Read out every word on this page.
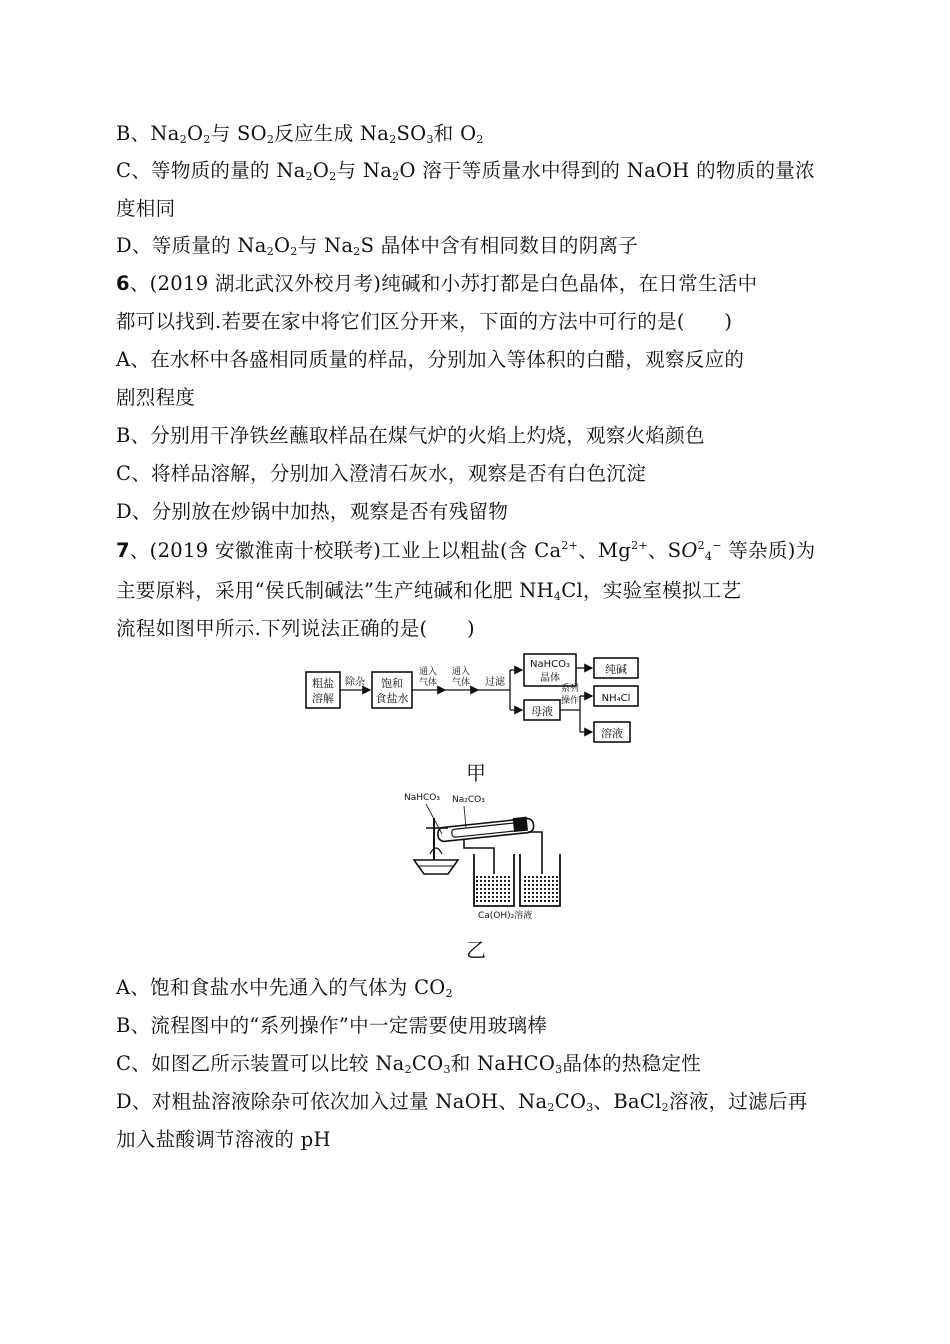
B、$Na_2O_2$与 $SO_2$反应生成 $Na_2SO_3$和 $O_2$
C、等物质的量的 $Na_2O_2$与 $Na_2O$ 溶于等质量水中得到的 NaOH 的物质的量浓
度相同
D、等质量的 $Na_2O_2$与 $Na_2S$ 晶体中含有相同数目的阴离子
6、(2019 湖北武汉外校月考)纯碱和小苏打都是白色晶体，在日常生活中
都可以找到.若要在家中将它们区分开来，下面的方法中可行的是(　　)
A、在水杯中各盛相同质量的样品，分别加入等体积的白醋，观察反应的
剧烈程度
B、分别用干净铁丝蘸取样品在煤气炉的火焰上灼烧，观察火焰颜色
C、将样品溶解，分别加入澄清石灰水，观察是否有白色沉淀
D、分别放在炒锅中加热，观察是否有残留物
7、(2019 安徽淮南十校联考)工业上以粗盐(含 $Ca^{2+}$、$Mg^{2+}$、$SO^2_4^-$ 等杂质)为
主要原料，采用“侯氏制碱法”生产纯碱和化肥 $NH_4Cl$，实验室模拟工艺
流程如图甲所示.下列说法正确的是(　　)
粗盐
溶解
除杂 饱和
食盐水
通入
气体
通入
气体 过滤
NaHCO₃
晶体
纯碱
母液
系列
操作 NH₄Cl
溶液
甲
NaHCO₃ Na₂CO₃
Ca(OH)₂溶液
乙
A、饱和食盐水中先通入的气体为 $CO_2$
B、流程图中的“系列操作”中一定需要使用玻璃棒
C、如图乙所示装置可以比较 $Na_2CO_3$和 NaHCO$_3$晶体的热稳定性
D、对粗盐溶液除杂可依次加入过量 NaOH、$Na_2CO_3$、BaCl$_2$溶液，过滤后再
加入盐酸调节溶液的 pH
